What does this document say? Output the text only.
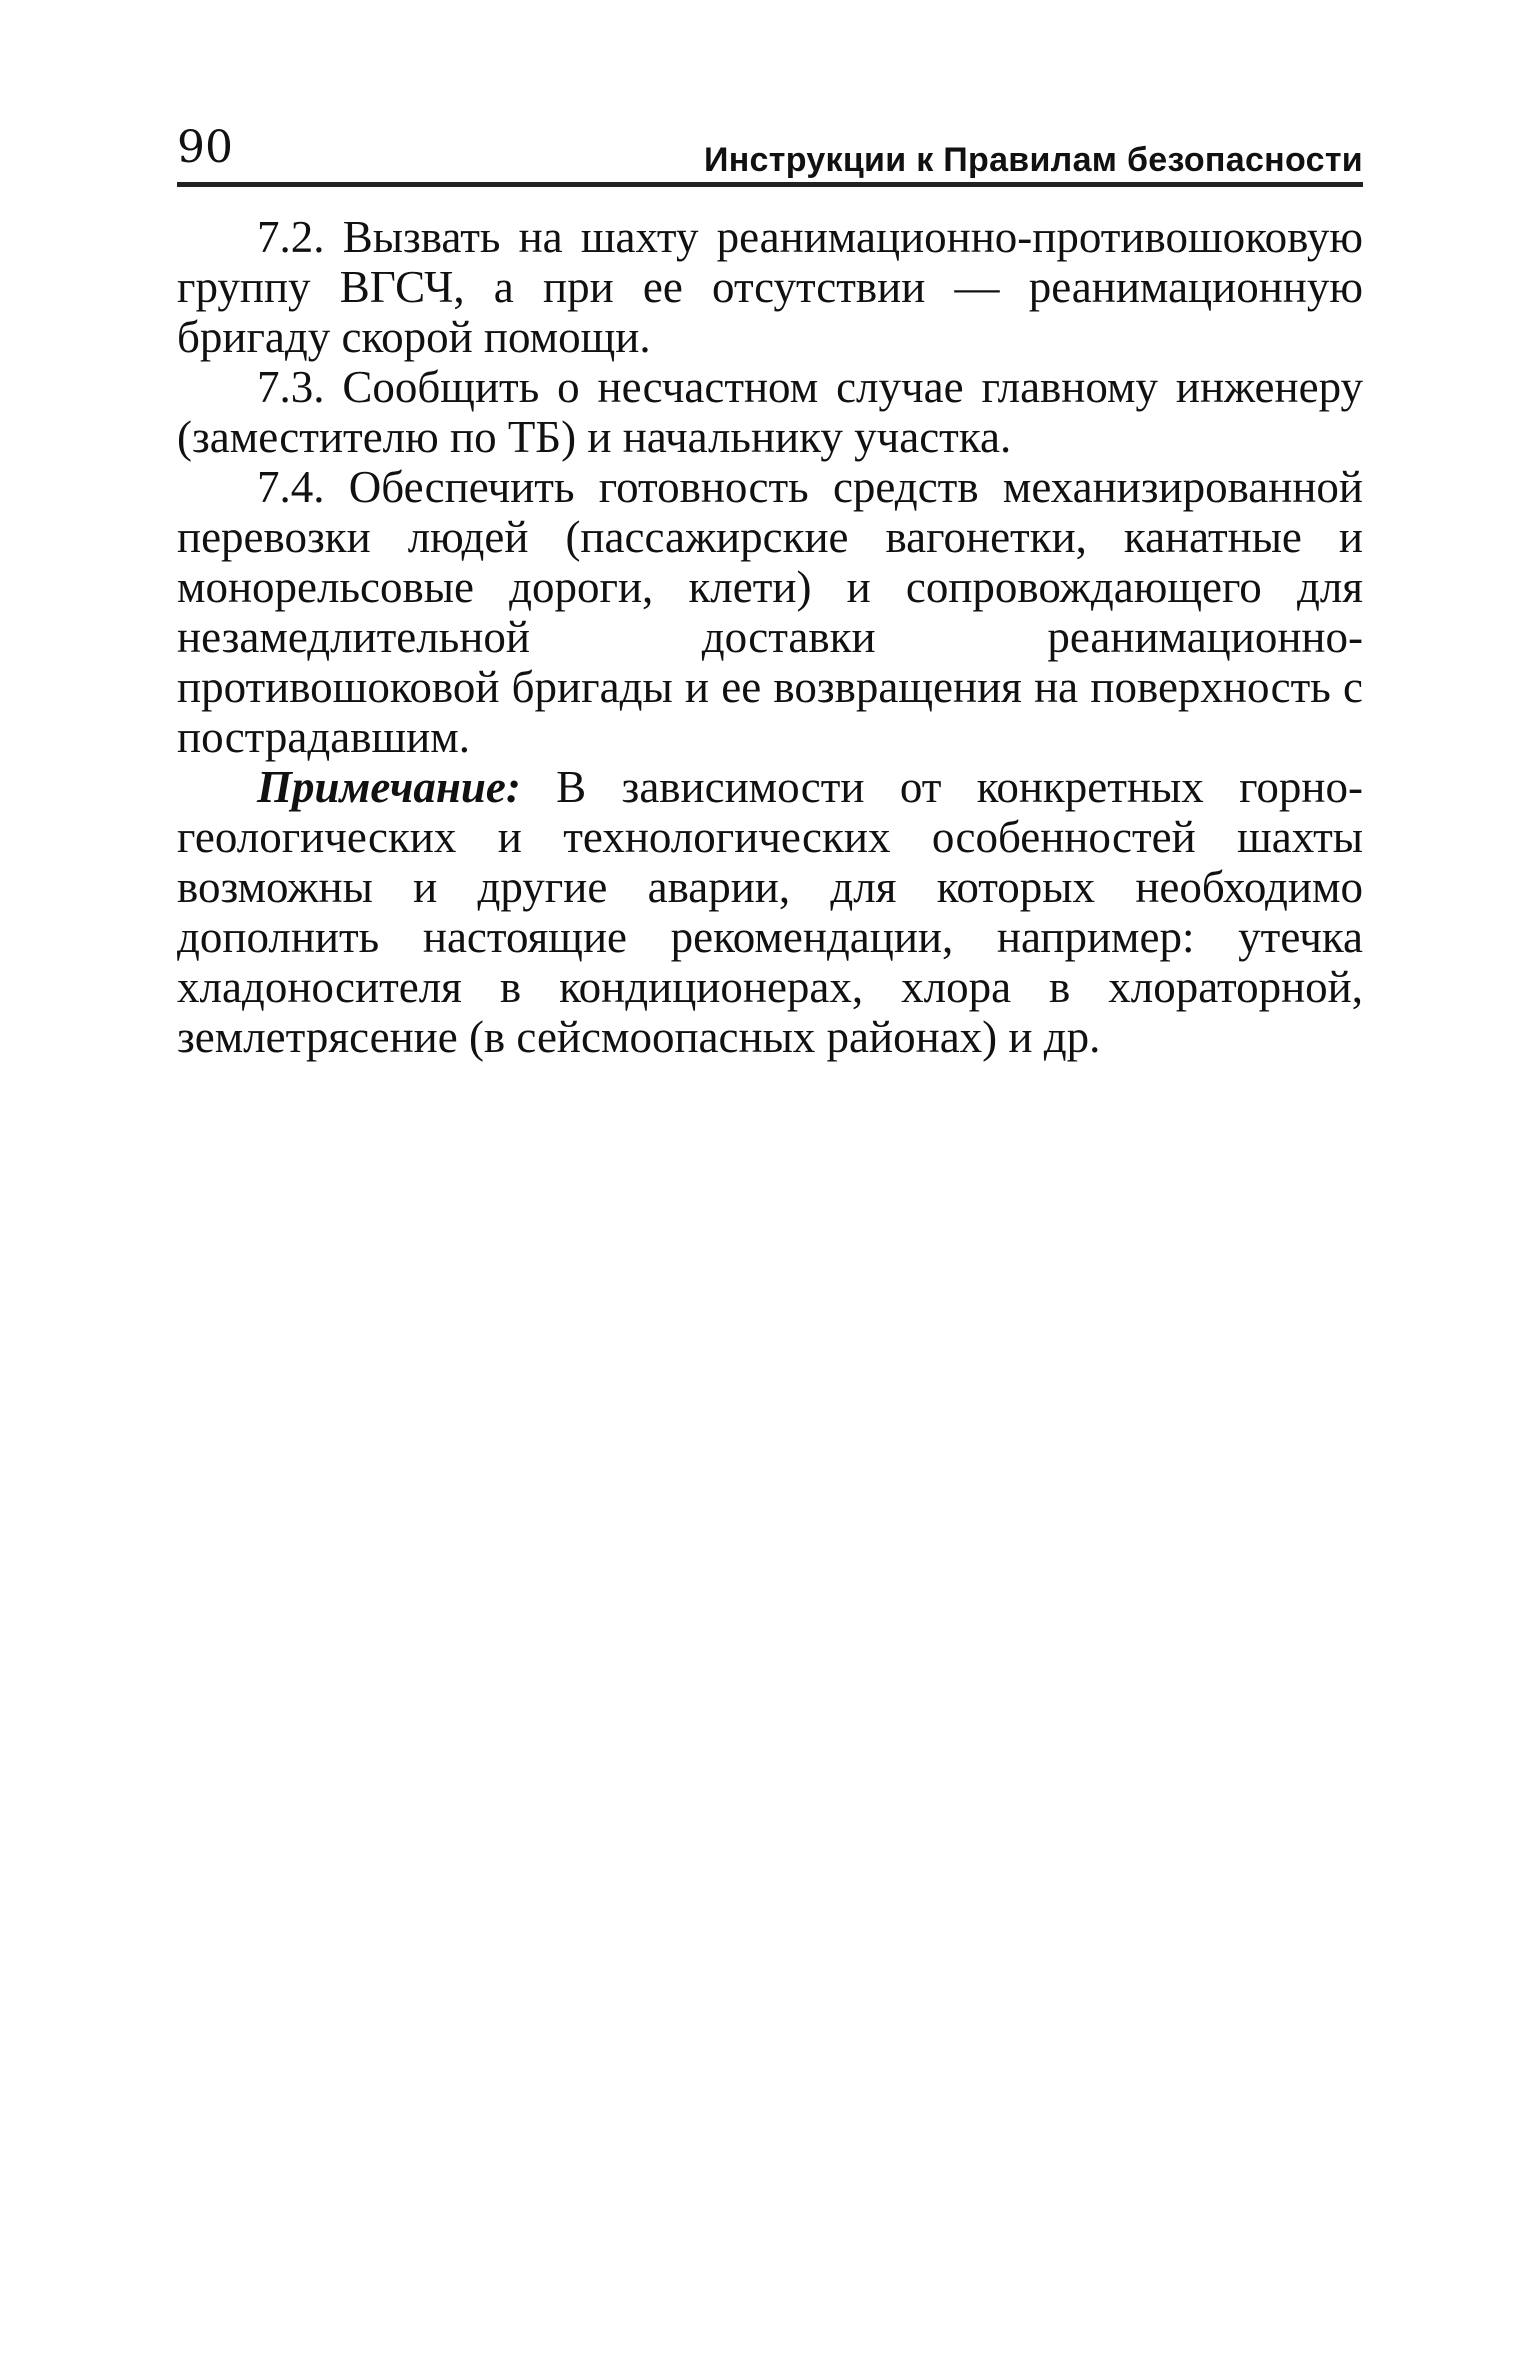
90	Инструкции к Правилам безопасности

7.2. Вызвать на шахту реанимационно-противошоковую группу ВГСЧ, а при ее отсутствии — реанимационную бригаду скорой помощи.

7.3. Сообщить о несчастном случае главному инженеру (заместителю по ТБ) и начальнику участка.

7.4. Обеспечить готовность средств механизированной перевозки людей (пассажирские вагонетки, канатные и монорельсовые дороги, клети) и сопровождающего для незамедлительной доставки реанимационно-противошоковой бригады и ее возвращения на поверхность с пострадавшим.

Примечание: В зависимости от конкретных горно-геологических и технологических особенностей шахты возможны и другие аварии, для которых необходимо дополнить настоящие рекомендации, например: утечка хладоносителя в кондиционерах, хлора в хлораторной, землетрясение (в сейсмоопасных районах) и др.
